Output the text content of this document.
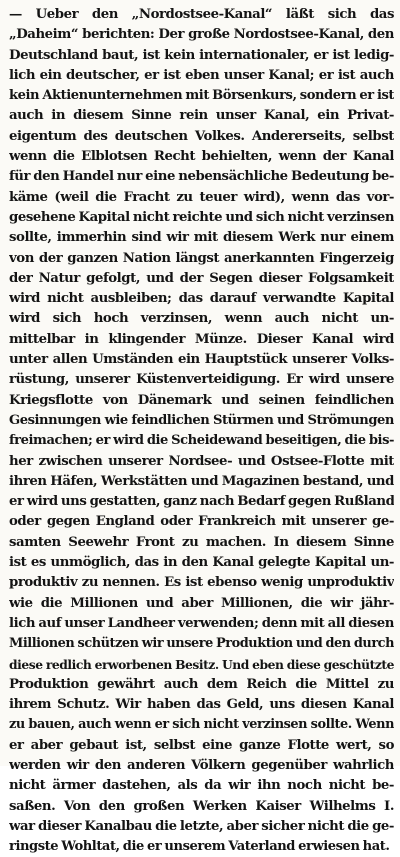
— Ueber den „Nordostsee-Kanal“ läßt sich das
„Daheim“ berichten: Der große Nordostsee-Kanal, den
Deutschland baut, ist kein internationaler, er ist ledig-
lich ein deutscher, er ist eben unser Kanal; er ist auch
kein Aktienunternehmen mit Börsenkurs, sondern er ist
auch in diesem Sinne rein unser Kanal, ein Privat-
eigentum des deutschen Volkes. Andererseits, selbst
wenn die Elblotsen Recht behielten, wenn der Kanal
für den Handel nur eine nebensächliche Bedeutung be-
käme (weil die Fracht zu teuer wird), wenn das vor-
gesehene Kapital nicht reichte und sich nicht verzinsen
sollte, immerhin sind wir mit diesem Werk nur einem
von der ganzen Nation längst anerkannten Fingerzeig
der Natur gefolgt, und der Segen dieser Folgsamkeit
wird nicht ausbleiben; das darauf verwandte Kapital
wird sich hoch verzinsen, wenn auch nicht un-
mittelbar in klingender Münze. Dieser Kanal wird
unter allen Umständen ein Hauptstück unserer Volks-
rüstung, unserer Küstenverteidigung. Er wird unsere
Kriegsflotte von Dänemark und seinen feindlichen
Gesinnungen wie feindlichen Stürmen und Strömungen
freimachen; er wird die Scheidewand beseitigen, die bis-
her zwischen unserer Nordsee- und Ostsee-Flotte mit
ihren Häfen, Werkstätten und Magazinen bestand, und
er wird uns gestatten, ganz nach Bedarf gegen Rußland
oder gegen England oder Frankreich mit unserer ge-
samten Seewehr Front zu machen. In diesem Sinne
ist es unmöglich, das in den Kanal gelegte Kapital un-
produktiv zu nennen. Es ist ebenso wenig unproduktiv
wie die Millionen und aber Millionen, die wir jähr-
lich auf unser Landheer verwenden; denn mit all diesen
Millionen schützen wir unsere Produktion und den durch
diese redlich erworbenen Besitz. Und eben diese geschützte
Produktion gewährt auch dem Reich die Mittel zu
ihrem Schutz. Wir haben das Geld, uns diesen Kanal
zu bauen, auch wenn er sich nicht verzinsen sollte. Wenn
er aber gebaut ist, selbst eine ganze Flotte wert, so
werden wir den anderen Völkern gegenüber wahrlich
nicht ärmer dastehen, als da wir ihn noch nicht be-
saßen. Von den großen Werken Kaiser Wilhelms I.
war dieser Kanalbau die letzte, aber sicher nicht die ge-
ringste Wohltat, die er unserem Vaterland erwiesen hat.
